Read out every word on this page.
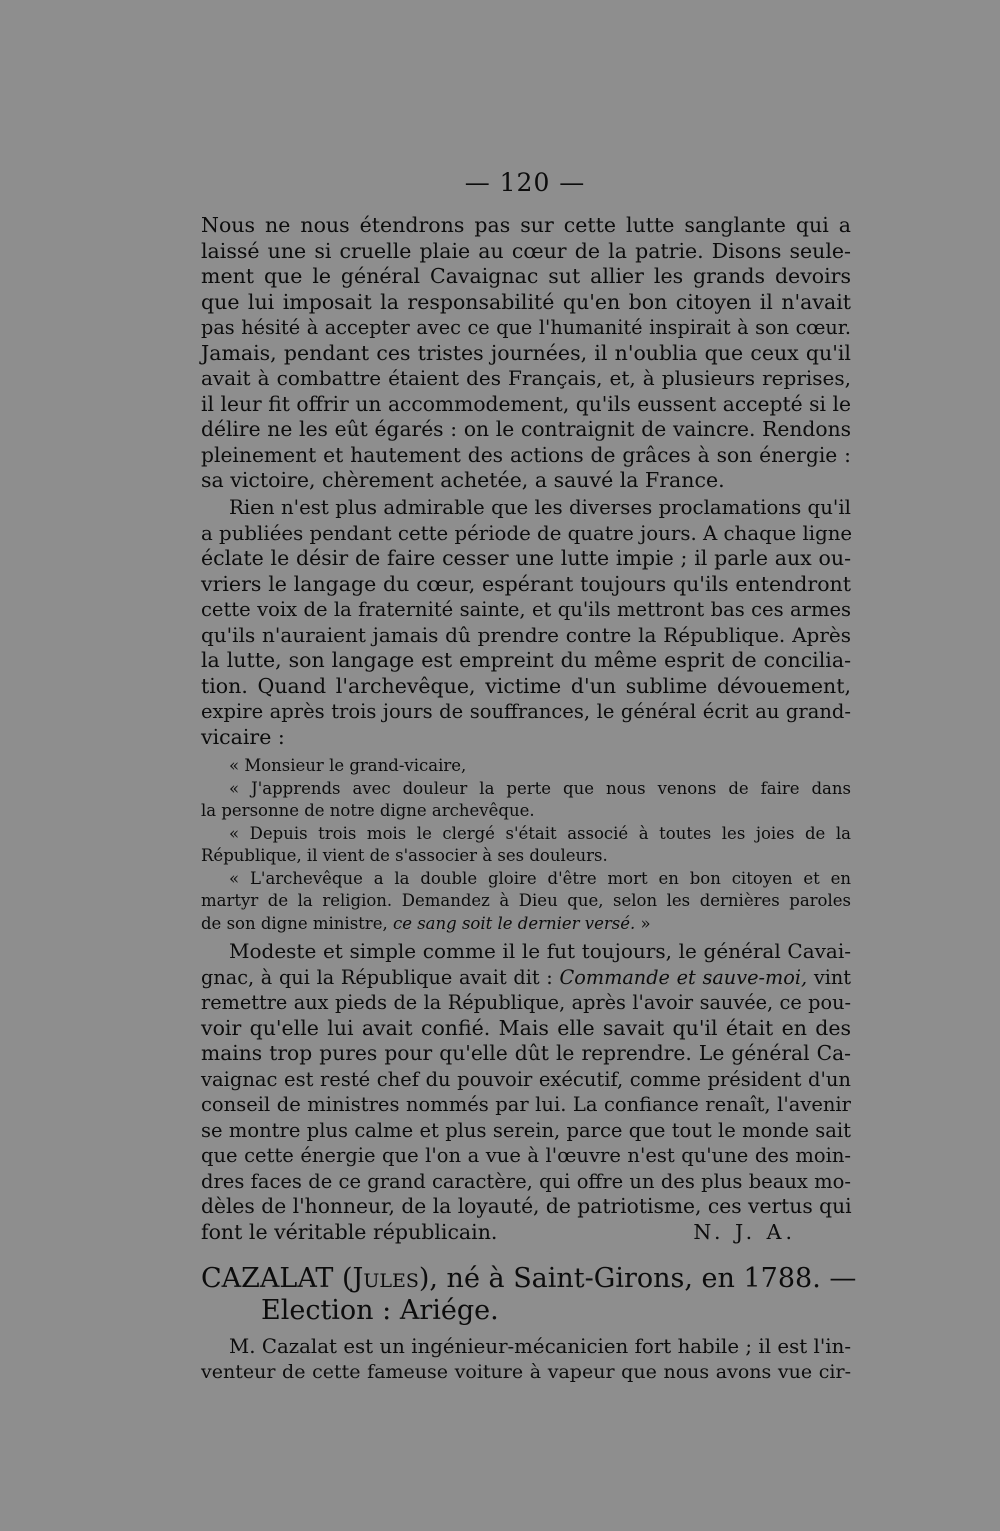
— 120 —
Nous ne nous étendrons pas sur cette lutte sanglante qui a
laissé une si cruelle plaie au cœur de la patrie. Disons seule-
ment que le général Cavaignac sut allier les grands devoirs
que lui imposait la responsabilité qu'en bon citoyen il n'avait
pas hésité à accepter avec ce que l'humanité inspirait à son cœur.
Jamais, pendant ces tristes journées, il n'oublia que ceux qu'il
avait à combattre étaient des Français, et, à plusieurs reprises,
il leur fit offrir un accommodement, qu'ils eussent accepté si le
délire ne les eût égarés : on le contraignit de vaincre. Rendons
pleinement et hautement des actions de grâces à son énergie :
sa victoire, chèrement achetée, a sauvé la France.
Rien n'est plus admirable que les diverses proclamations qu'il
a publiées pendant cette période de quatre jours. A chaque ligne
éclate le désir de faire cesser une lutte impie ; il parle aux ou-
vriers le langage du cœur, espérant toujours qu'ils entendront
cette voix de la fraternité sainte, et qu'ils mettront bas ces armes
qu'ils n'auraient jamais dû prendre contre la République. Après
la lutte, son langage est empreint du même esprit de concilia-
tion. Quand l'archevêque, victime d'un sublime dévouement,
expire après trois jours de souffrances, le général écrit au grand-
vicaire :
« Monsieur le grand-vicaire,
« J'apprends avec douleur la perte que nous venons de faire dans
la personne de notre digne archevêque.
« Depuis trois mois le clergé s'était associé à toutes les joies de la
République, il vient de s'associer à ses douleurs.
« L'archevêque a la double gloire d'être mort en bon citoyen et en
martyr de la religion. Demandez à Dieu que, selon les dernières paroles
de son digne ministre, ce sang soit le dernier versé. »
Modeste et simple comme il le fut toujours, le général Cavai-
gnac, à qui la République avait dit : Commande et sauve-moi, vint
remettre aux pieds de la République, après l'avoir sauvée, ce pou-
voir qu'elle lui avait confié. Mais elle savait qu'il était en des
mains trop pures pour qu'elle dût le reprendre. Le général Ca-
vaignac est resté chef du pouvoir exécutif, comme président d'un
conseil de ministres nommés par lui. La confiance renaît, l'avenir
se montre plus calme et plus serein, parce que tout le monde sait
que cette énergie que l'on a vue à l'œuvre n'est qu'une des moin-
dres faces de ce grand caractère, qui offre un des plus beaux mo-
dèles de l'honneur, de la loyauté, de patriotisme, ces vertus qui
font le véritable républicain.	N. J. A.
CAZALAT (Jules), né à Saint-Girons, en 1788. —
Election : Ariége.
M. Cazalat est un ingénieur-mécanicien fort habile ; il est l'in-
venteur de cette fameuse voiture à vapeur que nous avons vue cir-
